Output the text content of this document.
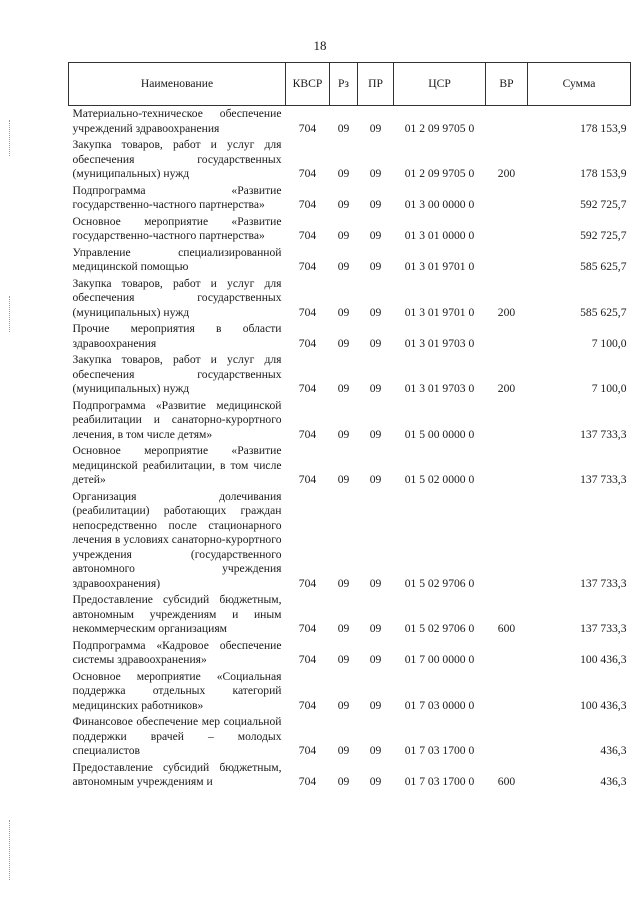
18
Наименование	КВСР	Рз	ПР	ЦСР	ВР	Сумма
Материально-техническое обеспечение учреждений здравоохранения	704	09	09	01 2 09 9705 0		178 153,9
Закупка товаров, работ и услуг для обеспечения государственных (муниципальных) нужд	704	09	09	01 2 09 9705 0	200	178 153,9
Подпрограмма «Развитие государственно-частного партнерства»	704	09	09	01 3 00 0000 0		592 725,7
Основное мероприятие «Развитие государственно-частного партнерства»	704	09	09	01 3 01 0000 0		592 725,7
Управление специализированной медицинской помощью	704	09	09	01 3 01 9701 0		585 625,7
Закупка товаров, работ и услуг для обеспечения государственных (муниципальных) нужд	704	09	09	01 3 01 9701 0	200	585 625,7
Прочие мероприятия в области здравоохранения	704	09	09	01 3 01 9703 0		7 100,0
Закупка товаров, работ и услуг для обеспечения государственных (муниципальных) нужд	704	09	09	01 3 01 9703 0	200	7 100,0
Подпрограмма «Развитие медицинской реабилитации и санаторно-курортного лечения, в том числе детям»	704	09	09	01 5 00 0000 0		137 733,3
Основное мероприятие «Развитие медицинской реабилитации, в том числе детей»	704	09	09	01 5 02 0000 0		137 733,3
Организация долечивания (реабилитации) работающих граждан непосредственно после стационарного лечения в условиях санаторно-курортного учреждения (государственного автономного учреждения здравоохранения)	704	09	09	01 5 02 9706 0		137 733,3
Предоставление субсидий бюджетным, автономным учреждениям и иным некоммерческим организациям	704	09	09	01 5 02 9706 0	600	137 733,3
Подпрограмма «Кадровое обеспечение системы здравоохранения»	704	09	09	01 7 00 0000 0		100 436,3
Основное мероприятие «Социальная поддержка отдельных категорий медицинских работников»	704	09	09	01 7 03 0000 0		100 436,3
Финансовое обеспечение мер социальной поддержки врачей – молодых специалистов	704	09	09	01 7 03 1700 0		436,3
Предоставление субсидий бюджетным, автономным учреждениям и	704	09	09	01 7 03 1700 0	600	436,3
